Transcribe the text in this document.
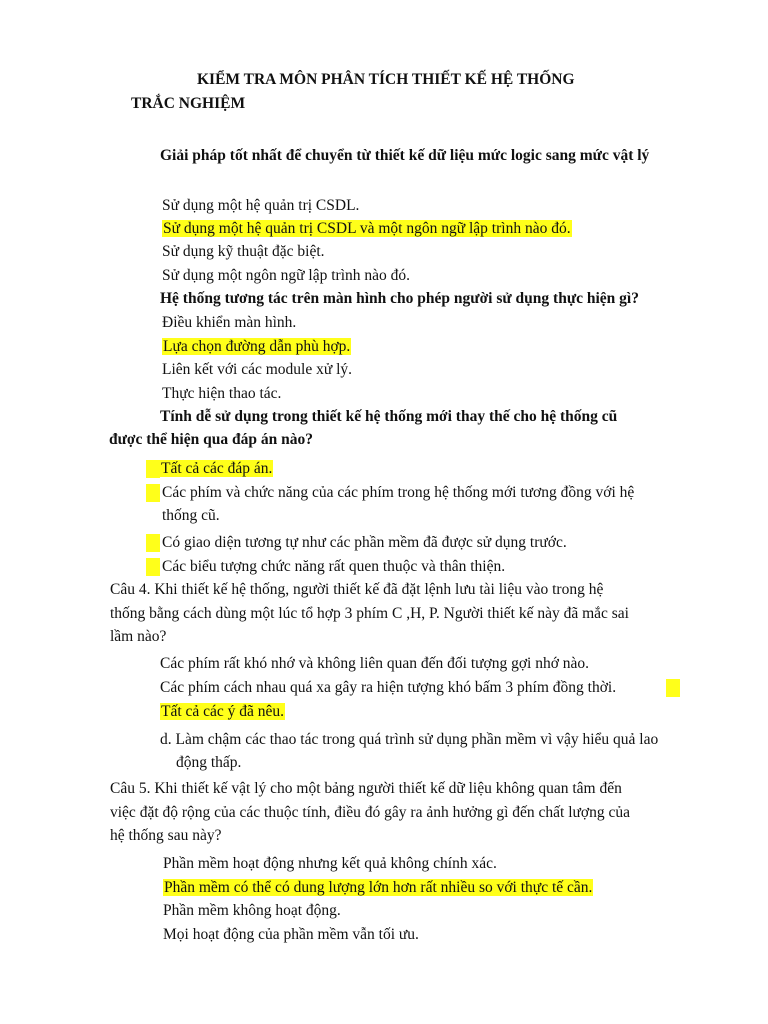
KIỂM TRA MÔN PHÂN TÍCH THIẾT KẾ HỆ THỐNG
TRẮC NGHIỆM
Giải pháp tốt nhất để chuyển từ thiết kế dữ liệu mức logic sang mức vật lý
Sử dụng một hệ quản trị CSDL.
Sử dụng một hệ quản trị CSDL và một ngôn ngữ lập trình nào đó.
Sử dụng kỹ thuật đặc biệt.
Sử dụng một ngôn ngữ lập trình nào đó.
Hệ thống tương tác trên màn hình cho phép người sử dụng thực hiện gì?
Điều khiển màn hình.
Lựa chọn đường dẫn phù hợp.
Liên kết với các module xử lý.
Thực hiện thao tác.
Tính dễ sử dụng trong thiết kế hệ thống mới thay thế cho hệ thống cũ
được thể hiện qua đáp án nào?
Tất cả các đáp án.
Các phím và chức năng của các phím trong hệ thống mới tương đồng với hệ
thống cũ.
Có giao diện tương tự như các phần mềm đã được sử dụng trước.
Các biểu tượng chức năng rất quen thuộc và thân thiện.
Câu 4. Khi thiết kế hệ thống, người thiết kế đã đặt lệnh lưu tài liệu vào trong hệ
thống bằng cách dùng một lúc tổ hợp 3 phím C ,H, P. Người thiết kế này đã mắc sai
lầm nào?
Các phím rất khó nhớ và không liên quan đến đối tượng gợi nhớ nào.
Các phím cách nhau quá xa gây ra hiện tượng khó bấm 3 phím đồng thời.
Tất cả các ý đã nêu.
d. Làm chậm các thao tác trong quá trình sử dụng phần mềm vì vậy hiểu quả lao
động thấp.
Câu 5. Khi thiết kế vật lý cho một bảng người thiết kế dữ liệu không quan tâm đến
việc đặt độ rộng của các thuộc tính, điều đó gây ra ảnh hưởng gì đến chất lượng của
hệ thống sau này?
Phần mềm hoạt động nhưng kết quả không chính xác.
Phần mềm có thể có dung lượng lớn hơn rất nhiều so với thực tế cần.
Phần mềm không hoạt động.
Mọi hoạt động của phần mềm vẫn tối ưu.
